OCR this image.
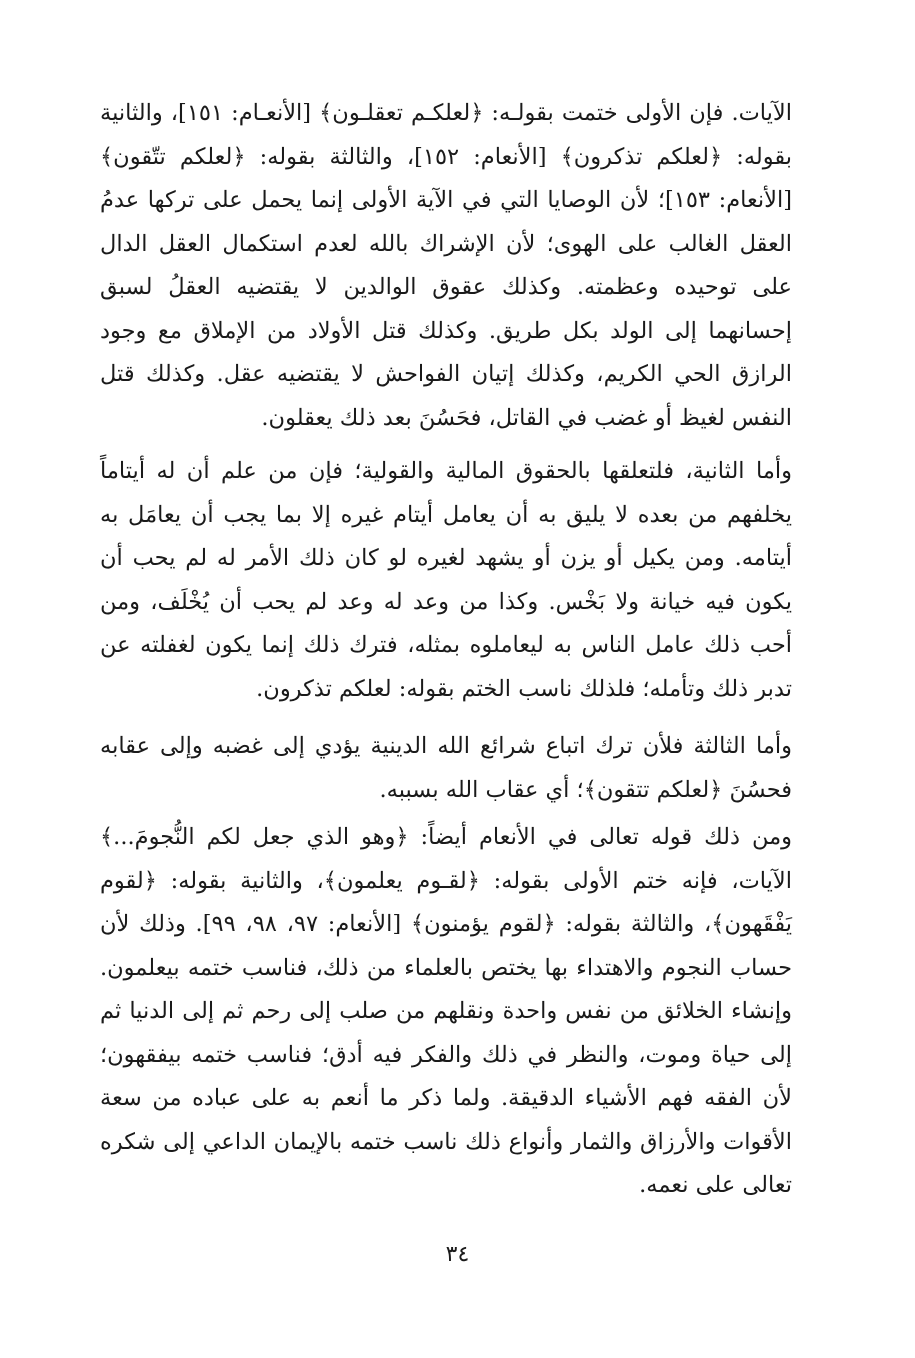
الآيات. فإن الأولى ختمت بقولـه: ﴿لعلكـم تعقلـون﴾ [الأنعـام: ١٥١]، والثانية بقوله: ﴿لعلكم تذكرون﴾ [الأنعام: ١٥٢]، والثالثة بقوله: ﴿لعلكم تتّقون﴾ [الأنعام: ١٥٣]؛ لأن الوصايا التي في الآية الأولى إنما يحمل على تركها عدمُ العقل الغالب على الهوى؛ لأن الإشراك بالله لعدم استكمال العقل الدال على توحيده وعظمته. وكذلك عقوق الوالدين لا يقتضيه العقلُ لسبق إحسانهما إلى الولد بكل طريق. وكذلك قتل الأولاد من الإملاق مع وجود الرازق الحي الكريم، وكذلك إتيان الفواحش لا يقتضيه عقل. وكذلك قتل النفس لغيظ أو غضب في القاتل، فحَسُنَ بعد ذلك يعقلون.

وأما الثانية، فلتعلقها بالحقوق المالية والقولية؛ فإن من علم أن له أيتاماً يخلفهم من بعده لا يليق به أن يعامل أيتام غيره إلا بما يجب أن يعامَل به أيتامه. ومن يكيل أو يزن أو يشهد لغيره لو كان ذلك الأمر له لم يحب أن يكون فيه خيانة ولا بَخْس. وكذا من وعد له وعد لم يحب أن يُخْلَف، ومن أحب ذلك عامل الناس به ليعاملوه بمثله، فترك ذلك إنما يكون لغفلته عن تدبر ذلك وتأمله؛ فلذلك ناسب الختم بقوله: لعلكم تذكرون.

وأما الثالثة فلأن ترك اتباع شرائع الله الدينية يؤدي إلى غضبه وإلى عقابه فحسُنَ ﴿لعلكم تتقون﴾؛ أي عقاب الله بسببه.

ومن ذلك قوله تعالى في الأنعام أيضاً: ﴿وهو الذي جعل لكم النُّجومَ...﴾ الآيات، فإنه ختم الأولى بقوله: ﴿لقـوم يعلمون﴾، والثانية بقوله: ﴿لقوم يَفْقَهون﴾، والثالثة بقوله: ﴿لقوم يؤمنون﴾ [الأنعام: ٩٧، ٩٨، ٩٩]. وذلك لأن حساب النجوم والاهتداء بها يختص بالعلماء من ذلك، فناسب ختمه بيعلمون. وإنشاء الخلائق من نفس واحدة ونقلهم من صلب إلى رحم ثم إلى الدنيا ثم إلى حياة وموت، والنظر في ذلك والفكر فيه أدق؛ فناسب ختمه بيفقهون؛ لأن الفقه فهم الأشياء الدقيقة. ولما ذكر ما أنعم به على عباده من سعة الأقوات والأرزاق والثمار وأنواع ذلك ناسب ختمه بالإيمان الداعي إلى شكره تعالى على نعمه.

٣٤
